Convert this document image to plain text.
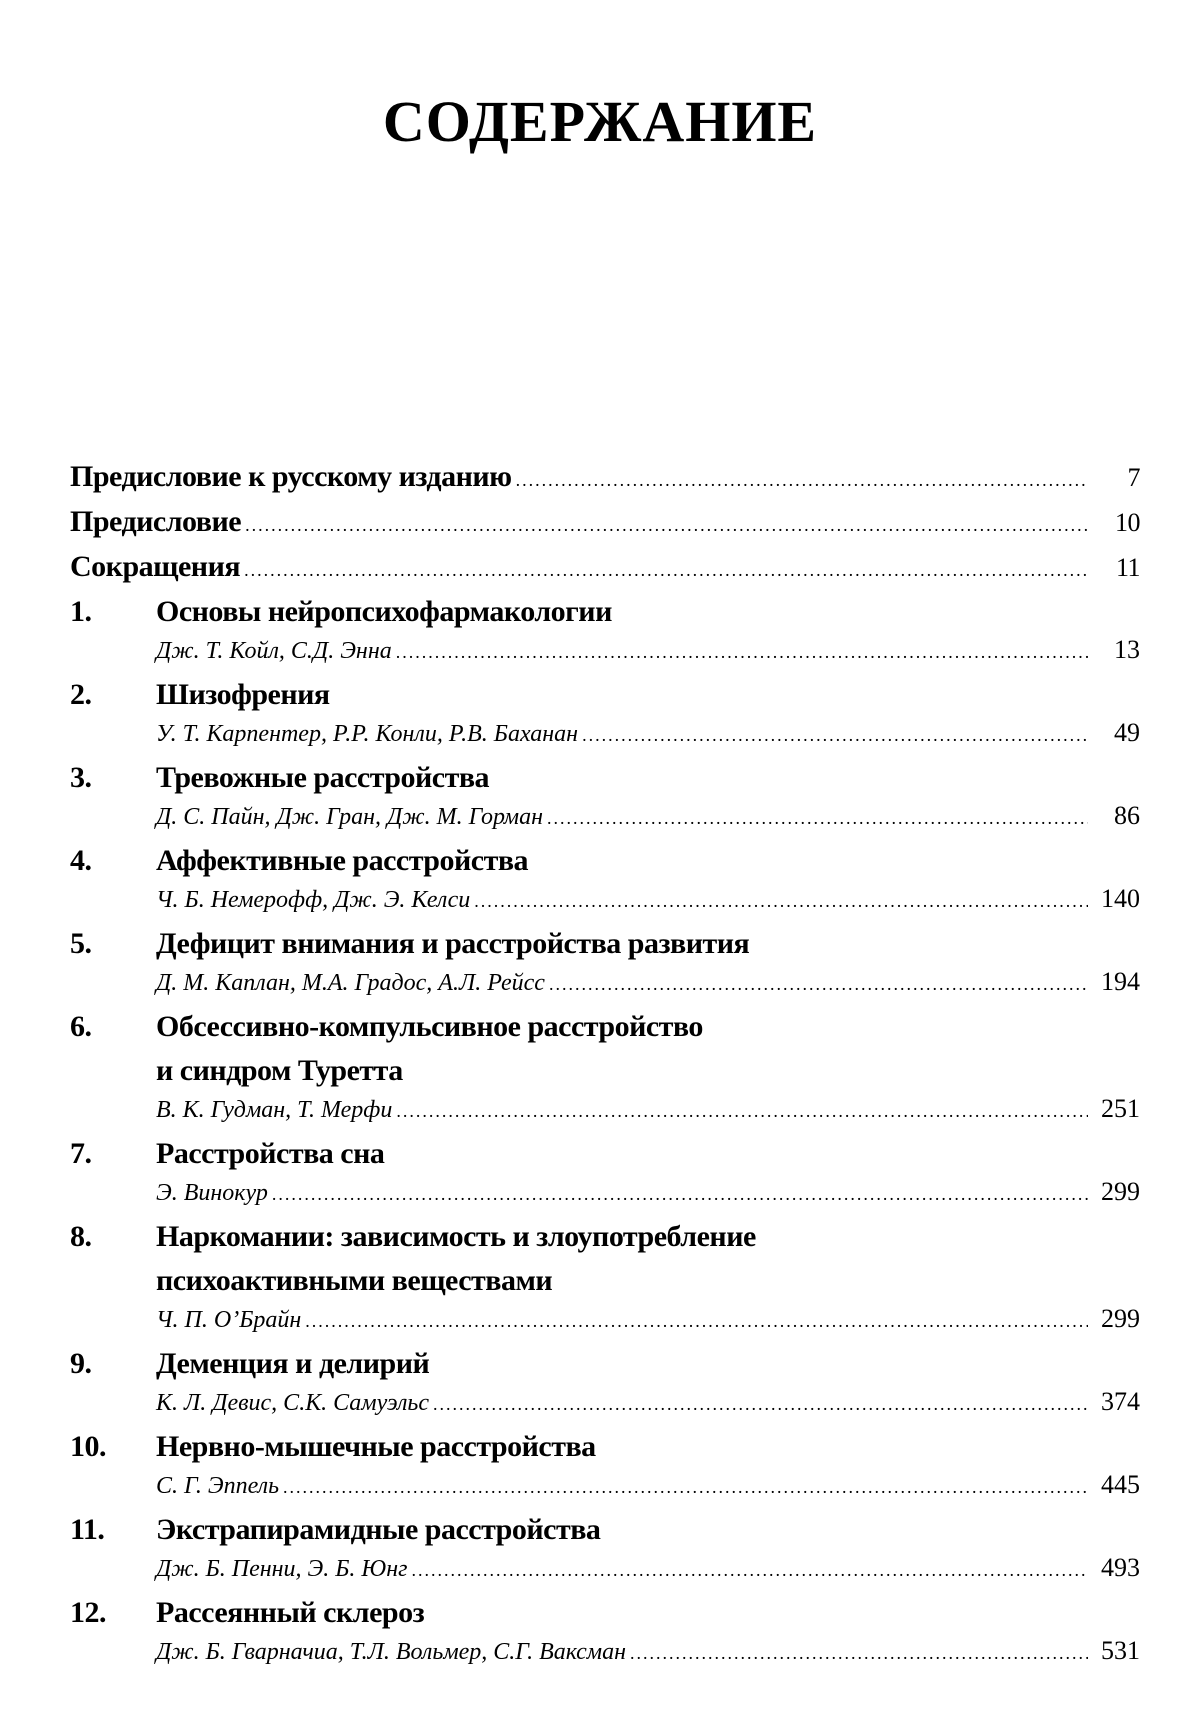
СОДЕРЖАНИЕ
Предисловие к русскому изданию .....	7
Предисловие .....	10
Сокращения .....	11
1.	Основы нейропсихофармакологии
Дж. Т. Койл, С.Д. Энна .....	13
2.	Шизофрения
У. Т. Карпентер, Р.Р. Конли, Р.В. Баханан .....	49
3.	Тревожные расстройства
Д. С. Пайн, Дж. Гран, Дж. М. Горман .....	86
4.	Аффективные расстройства
Ч. Б. Немерофф, Дж. Э. Келси .....	140
5.	Дефицит внимания и расстройства развития
Д. М. Каплан, М.А. Градос, А.Л. Рейсс .....	194
6.	Обсессивно-компульсивное расстройство
и синдром Туретта
В. К. Гудман, Т. Мерфи .....	251
7.	Расстройства сна
Э. Винокур .....	299
8.	Наркомании: зависимость и злоупотребление
психоактивными веществами
Ч. П. О’Брайн .....	299
9.	Деменция и делирий
К. Л. Девис, С.К. Самуэльс .....	374
10.	Нервно-мышечные расстройства
С. Г. Эппель .....	445
11.	Экстрапирамидные расстройства
Дж. Б. Пенни, Э. Б. Юнг .....	493
12.	Рассеянный склероз
Дж. Б. Гварначиа, Т.Л. Вольмер, С.Г. Ваксман .....	531
